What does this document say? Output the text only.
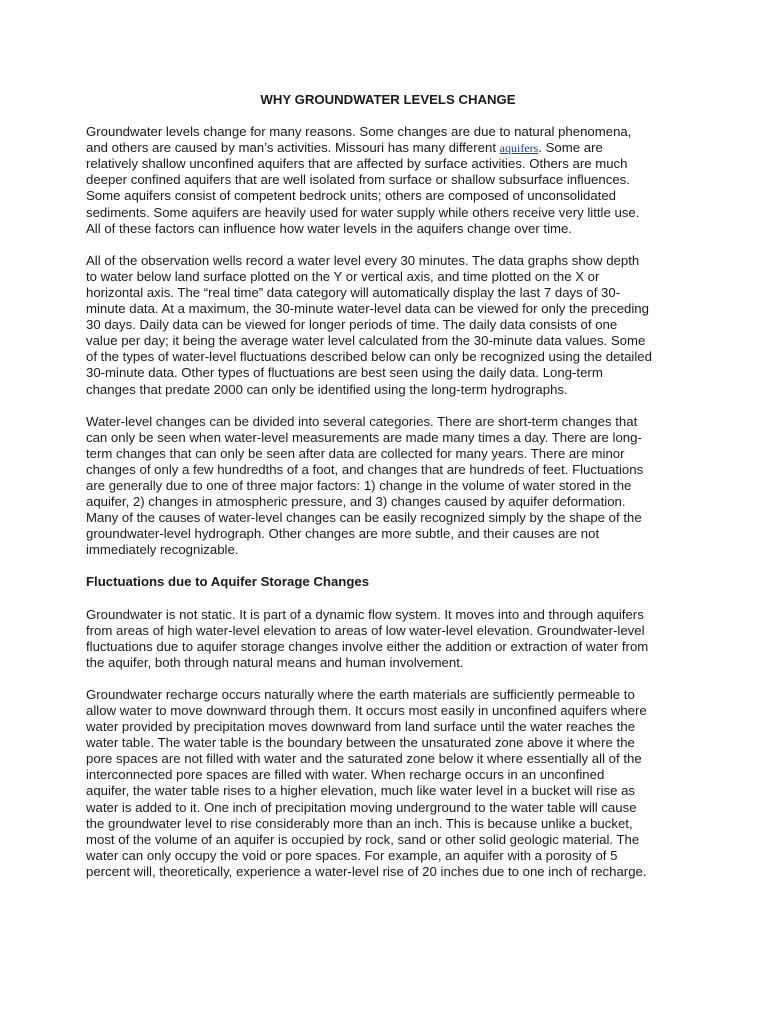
WHY GROUNDWATER LEVELS CHANGE
Groundwater levels change for many reasons. Some changes are due to natural phenomena,
and others are caused by man’s activities. Missouri has many different aquifers. Some are
relatively shallow unconfined aquifers that are affected by surface activities. Others are much
deeper confined aquifers that are well isolated from surface or shallow subsurface influences.
Some aquifers consist of competent bedrock units; others are composed of unconsolidated
sediments. Some aquifers are heavily used for water supply while others receive very little use.
All of these factors can influence how water levels in the aquifers change over time.
All of the observation wells record a water level every 30 minutes. The data graphs show depth
to water below land surface plotted on the Y or vertical axis, and time plotted on the X or
horizontal axis. The “real time” data category will automatically display the last 7 days of 30-
minute data. At a maximum, the 30-minute water-level data can be viewed for only the preceding
30 days. Daily data can be viewed for longer periods of time. The daily data consists of one
value per day; it being the average water level calculated from the 30-minute data values. Some
of the types of water-level fluctuations described below can only be recognized using the detailed
30-minute data. Other types of fluctuations are best seen using the daily data. Long-term
changes that predate 2000 can only be identified using the long-term hydrographs.
Water-level changes can be divided into several categories. There are short-term changes that
can only be seen when water-level measurements are made many times a day. There are long-
term changes that can only be seen after data are collected for many years. There are minor
changes of only a few hundredths of a foot, and changes that are hundreds of feet. Fluctuations
are generally due to one of three major factors: 1) change in the volume of water stored in the
aquifer, 2) changes in atmospheric pressure, and 3) changes caused by aquifer deformation.
Many of the causes of water-level changes can be easily recognized simply by the shape of the
groundwater-level hydrograph. Other changes are more subtle, and their causes are not
immediately recognizable.
Fluctuations due to Aquifer Storage Changes
Groundwater is not static. It is part of a dynamic flow system. It moves into and through aquifers
from areas of high water-level elevation to areas of low water-level elevation. Groundwater-level
fluctuations due to aquifer storage changes involve either the addition or extraction of water from
the aquifer, both through natural means and human involvement.
Groundwater recharge occurs naturally where the earth materials are sufficiently permeable to
allow water to move downward through them. It occurs most easily in unconfined aquifers where
water provided by precipitation moves downward from land surface until the water reaches the
water table. The water table is the boundary between the unsaturated zone above it where the
pore spaces are not filled with water and the saturated zone below it where essentially all of the
interconnected pore spaces are filled with water. When recharge occurs in an unconfined
aquifer, the water table rises to a higher elevation, much like water level in a bucket will rise as
water is added to it. One inch of precipitation moving underground to the water table will cause
the groundwater level to rise considerably more than an inch. This is because unlike a bucket,
most of the volume of an aquifer is occupied by rock, sand or other solid geologic material. The
water can only occupy the void or pore spaces. For example, an aquifer with a porosity of 5
percent will, theoretically, experience a water-level rise of 20 inches due to one inch of recharge.
